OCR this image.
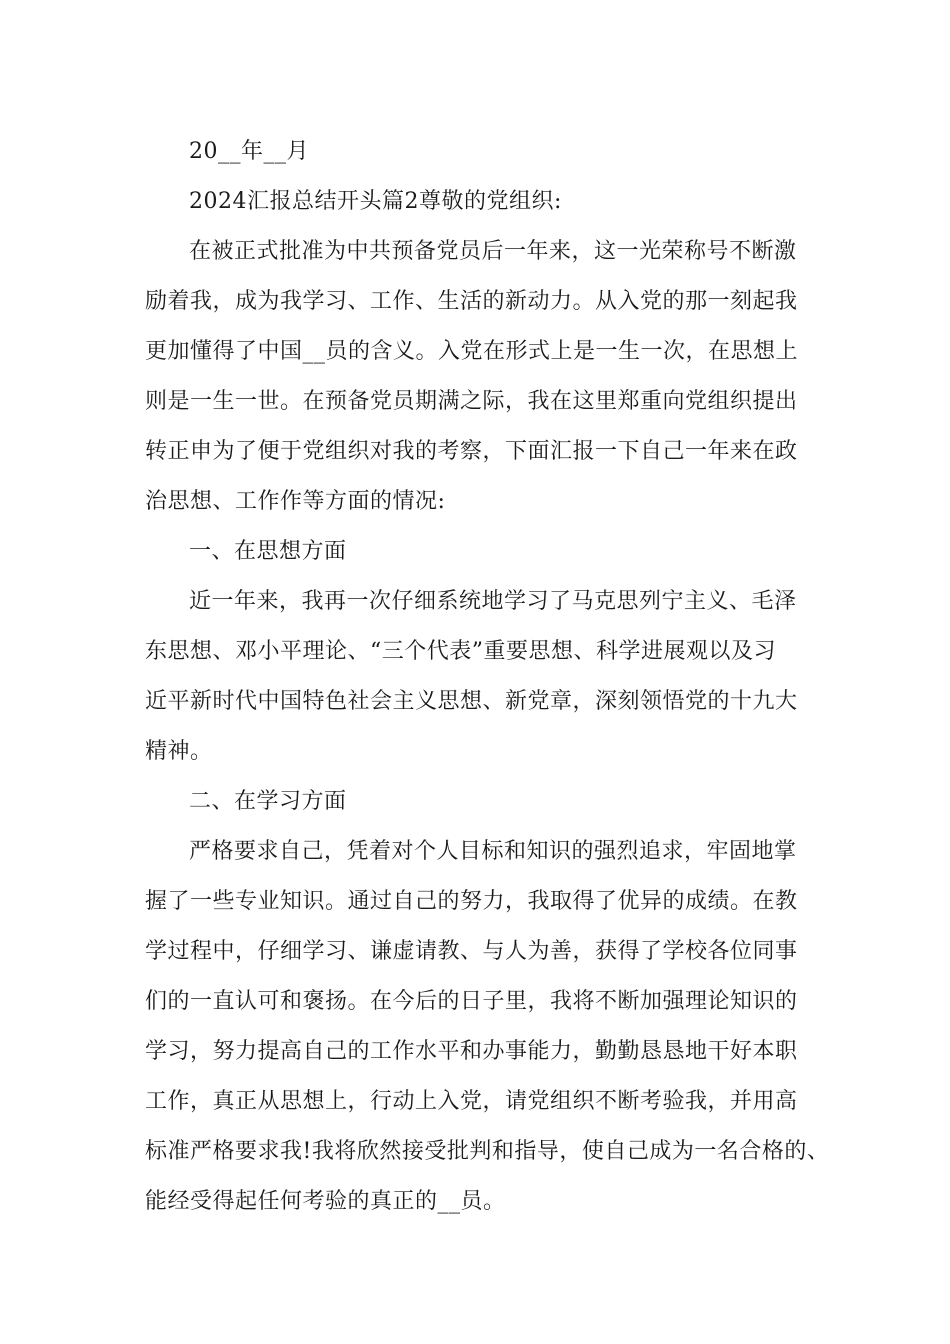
20__年__月
2024汇报总结开头篇2尊敬的党组织:
在被正式批准为中共预备党员后一年来，这一光荣称号不断激
励着我，成为我学习、工作、生活的新动力。从入党的那一刻起我
更加懂得了中国__员的含义。入党在形式上是一生一次，在思想上
则是一生一世。在预备党员期满之际，我在这里郑重向党组织提出
转正申为了便于党组织对我的考察，下面汇报一下自己一年来在政
治思想、工作作等方面的情况:
一、在思想方面
近一年来，我再一次仔细系统地学习了马克思列宁主义、毛泽
东思想、邓小平理论、“三个代表”重要思想、科学进展观以及习
近平新时代中国特色社会主义思想、新党章，深刻领悟党的十九大
精神。
二、在学习方面
严格要求自己，凭着对个人目标和知识的强烈追求，牢固地掌
握了一些专业知识。通过自己的努力，我取得了优异的成绩。在教
学过程中，仔细学习、谦虚请教、与人为善，获得了学校各位同事
们的一直认可和褒扬。在今后的日子里，我将不断加强理论知识的
学习，努力提高自己的工作水平和办事能力，勤勤恳恳地干好本职
工作，真正从思想上，行动上入党，请党组织不断考验我，并用高
标准严格要求我!我将欣然接受批判和指导，使自己成为一名合格的、
能经受得起任何考验的真正的__员。
